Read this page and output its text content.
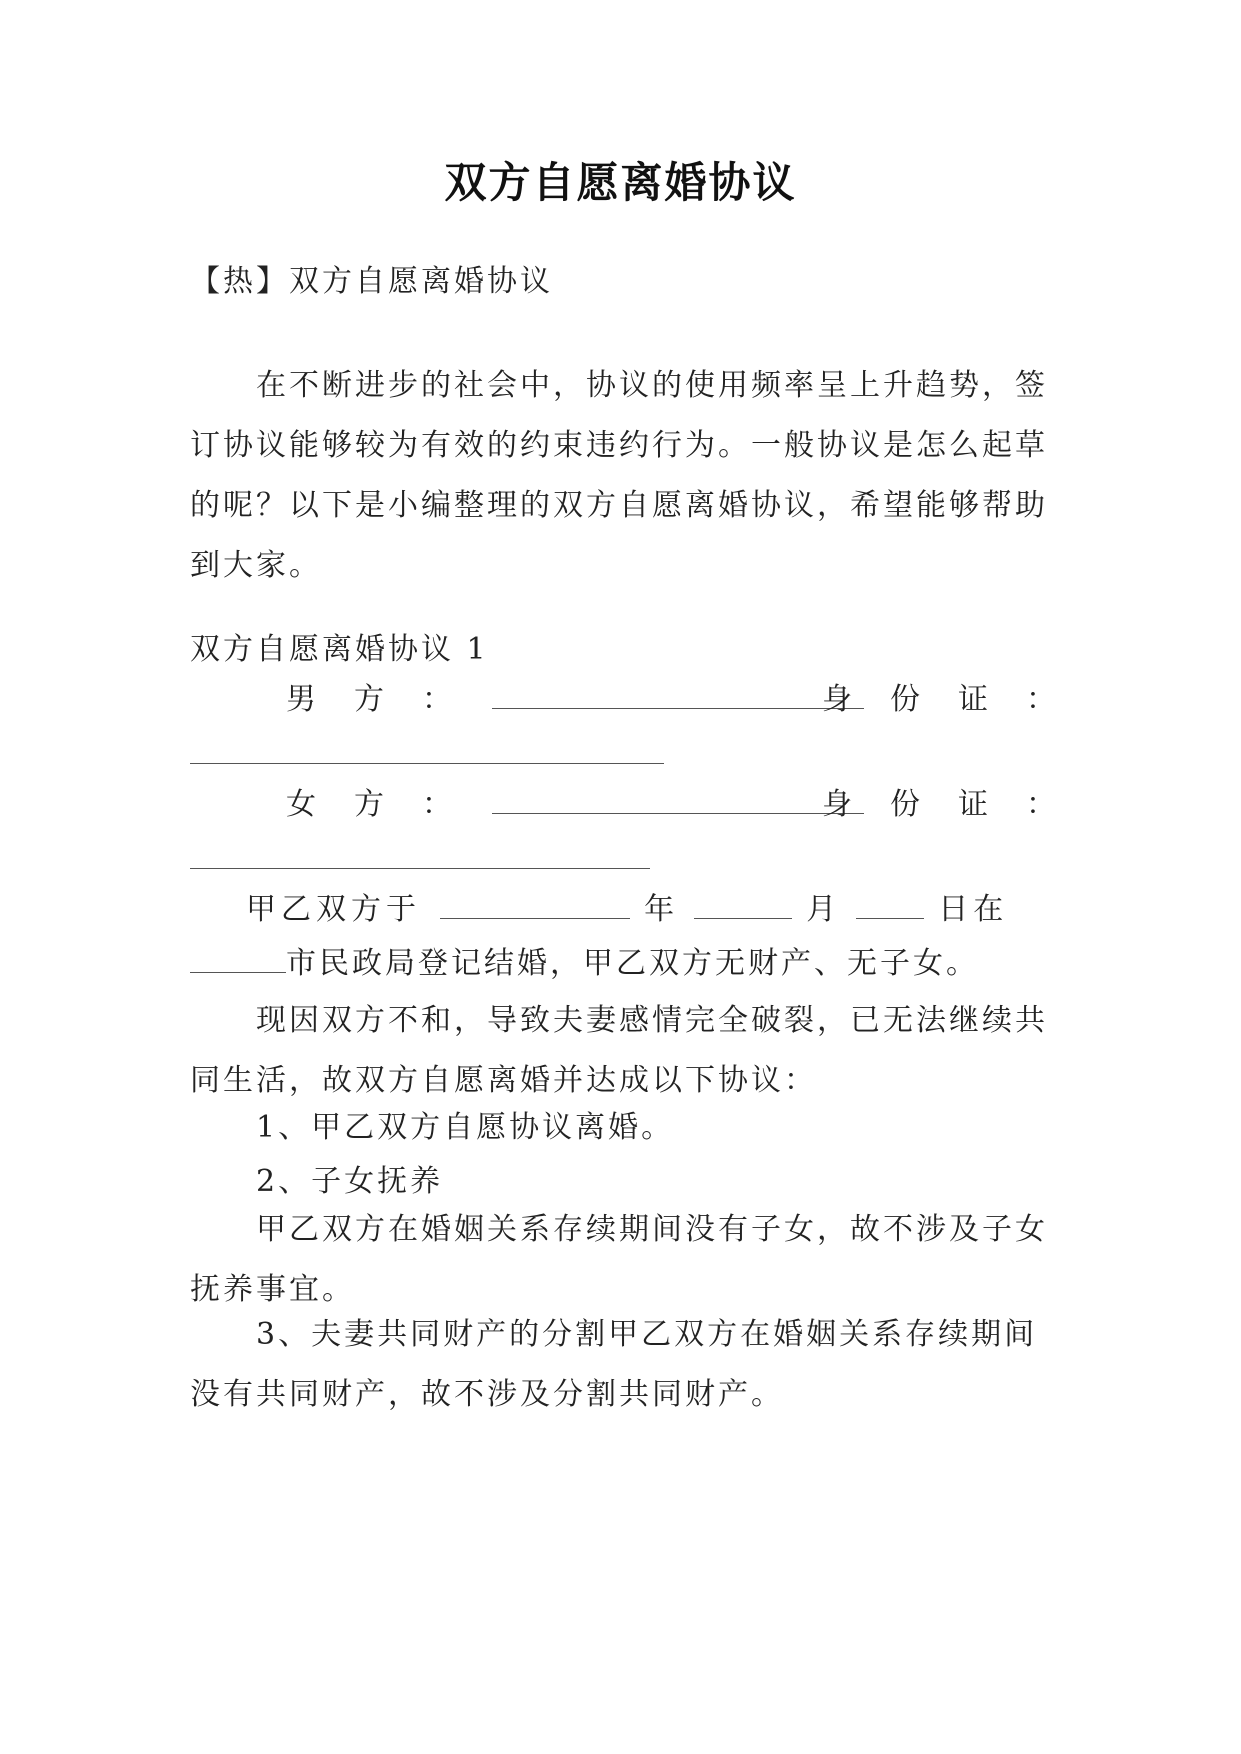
双方自愿离婚协议
【热】双方自愿离婚协议
在不断进步的社会中，协议的使用频率呈上升趋势，签订协议能够较为有效的约束违约行为。一般协议是怎么起草的呢？以下是小编整理的双方自愿离婚协议，希望能够帮助到大家。
双方自愿离婚协议 1
男　方　：	身　份　证　：
女　方　：	身　份　证　：
甲乙双方于	年	月	日在
市民政局登记结婚，甲乙双方无财产、无子女。
现因双方不和，导致夫妻感情完全破裂，已无法继续共同生活，故双方自愿离婚并达成以下协议：
1、甲乙双方自愿协议离婚。
2、子女抚养
甲乙双方在婚姻关系存续期间没有子女，故不涉及子女抚养事宜。
3、夫妻共同财产的分割甲乙双方在婚姻关系存续期间没有共同财产，故不涉及分割共同财产。
